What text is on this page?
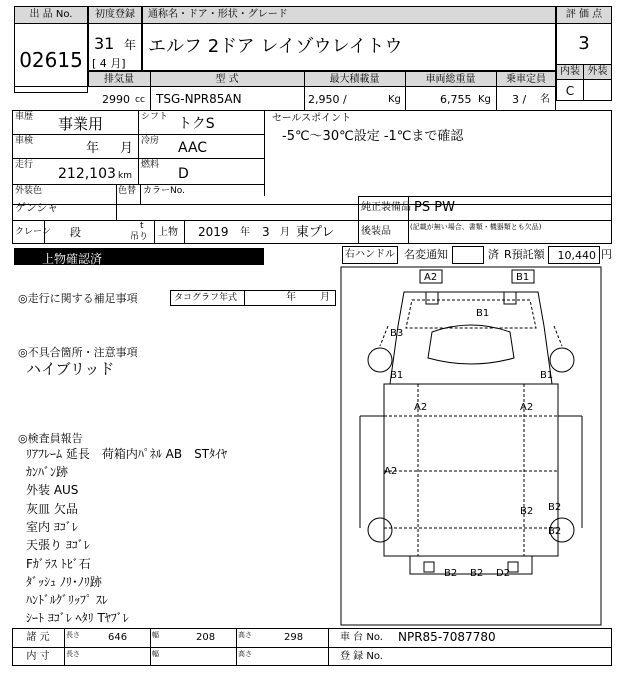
出 品 No.
02615
初度登録
31 年
[ 4 月]
通称名・ドア・形状・グレード
エルフ 2ドア レイゾウレイトウ
評 価 点
3
内装 外装
C
排気量	型 式	最大積載量	車両総重量	乗車定員
2990 cc TSG-NPR85AN	2,950 /	Kg	6,755 Kg 3 / 名
車歴 事業用	シフト トクS
車検	年 月 冷房 AAC
走行
212,103 km
燃料
D
外装色
ゲンシャ
色替 カラーNo.
クレーン 段	t
吊り 上物 2019 年 3 月 東プレ
セールスポイント
-5℃～30℃設定 -1℃まで確認
純正装備品 PS PW
後装品	(記載が無い場合、書類・機器類とも欠品)
上物確認済	右ハンドル 名変通知	済 R預託額	10,440 円
◎走行に関する補足事項	タコグラフ年式	年 月
◎不具合箇所・注意事項
ハイブリッド
◎検査員報告
ﾘｱﾌﾚｰﾑ 延長　荷箱内ﾊﾟﾈﾙ AB　STﾀｲﾔ
ｶﾝﾊﾞﾝ跡
外装 AUS
灰皿 欠品
室内 ﾖｺﾞﾚ
天張り ﾖｺﾞﾚ
Fｶﾞﾗｽ ﾄﾋﾞ石
ﾀﾞｯｼｭ ﾉﾘ･ﾉﾘ跡
ﾊﾝﾄﾞﾙｸﾞﾘｯﾌﾟ ｽﾚ
ｼｰﾄ ﾖｺﾞﾚ ﾍﾀﾘ Tﾔﾌﾞﾚ
A2	B1
B1
B3
B1	B1
A2	A2
A2
B2 B2
B2
B2 B2 D2
諸 元	長さ	646	幅	208	高さ	298	車 台 No. NPR85-7087780
内 寸	長さ	幅	高さ	登 録 No.
